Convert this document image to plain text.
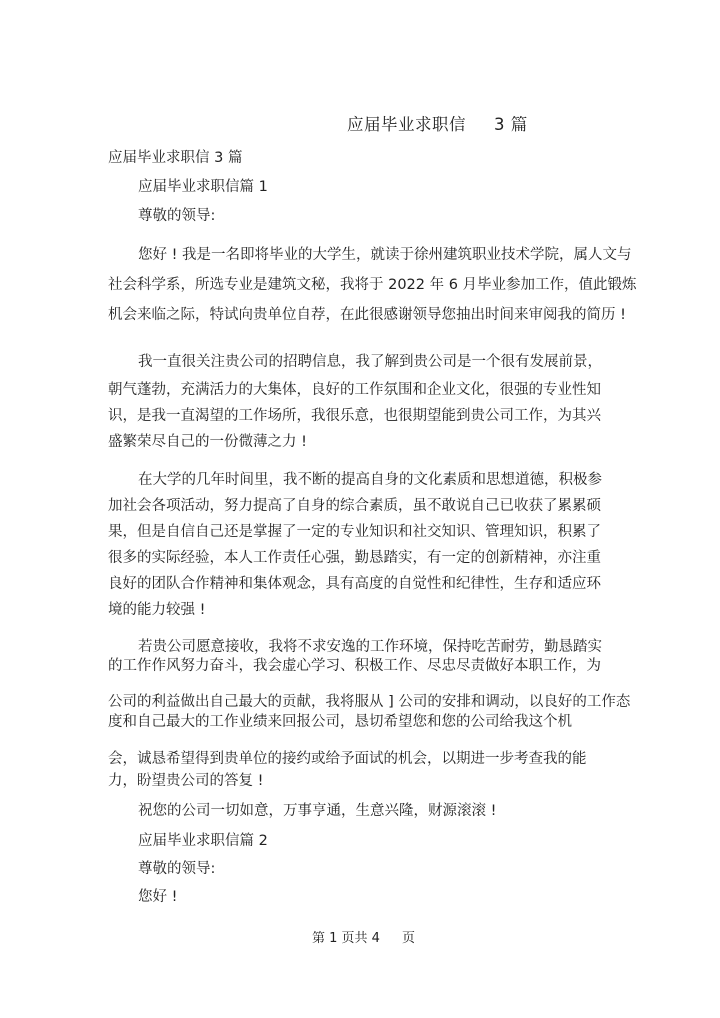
应届毕业求职信 3 篇

应届毕业求职信 3 篇

应届毕业求职信篇 1

尊敬的领导:

您好 ! 我是一名即将毕业的大学生，就读于徐州建筑职业技术学院，属人文与

社会科学系，所选专业是建筑文秘，我将于 2022 年 6 月毕业参加工作，值此锻炼

机会来临之际，特试向贵单位自荐，在此很感谢领导您抽出时间来审阅我的简历 !

我一直很关注贵公司的招聘信息，我了解到贵公司是一个很有发展前景，

朝气蓬勃，充满活力的大集体，良好的工作氛围和企业文化，很强的专业性知

识，是我一直渴望的工作场所，我很乐意，也很期望能到贵公司工作，为其兴

盛繁荣尽自己的一份微薄之力 !

在大学的几年时间里，我不断的提高自身的文化素质和思想道德，积极参

加社会各项活动，努力提高了自身的综合素质，虽不敢说自己已收获了累累硕

果，但是自信自己还是掌握了一定的专业知识和社交知识、管理知识，积累了

很多的实际经验，本人工作责任心强，勤恳踏实，有一定的创新精神，亦注重

良好的团队合作精神和集体观念，具有高度的自觉性和纪律性，生存和适应环

境的能力较强 !

若贵公司愿意接收，我将不求安逸的工作环境，保持吃苦耐劳，勤恳踏实

的工作作风努力奋斗，我会虚心学习、积极工作、尽忠尽责做好本职工作，为

公司的利益做出自己最大的贡献，我将服从 ] 公司的安排和调动，以良好的工作态

度和自己最大的工作业绩来回报公司，恳切希望您和您的公司给我这个机

会，诚恳希望得到贵单位的接约或给予面试的机会，以期进一步考查我的能

力，盼望贵公司的答复 !

祝您的公司一切如意，万事亨通，生意兴隆，财源滚滚 !

应届毕业求职信篇 2

尊敬的领导:

您好 !

第 1 页共 4 页
